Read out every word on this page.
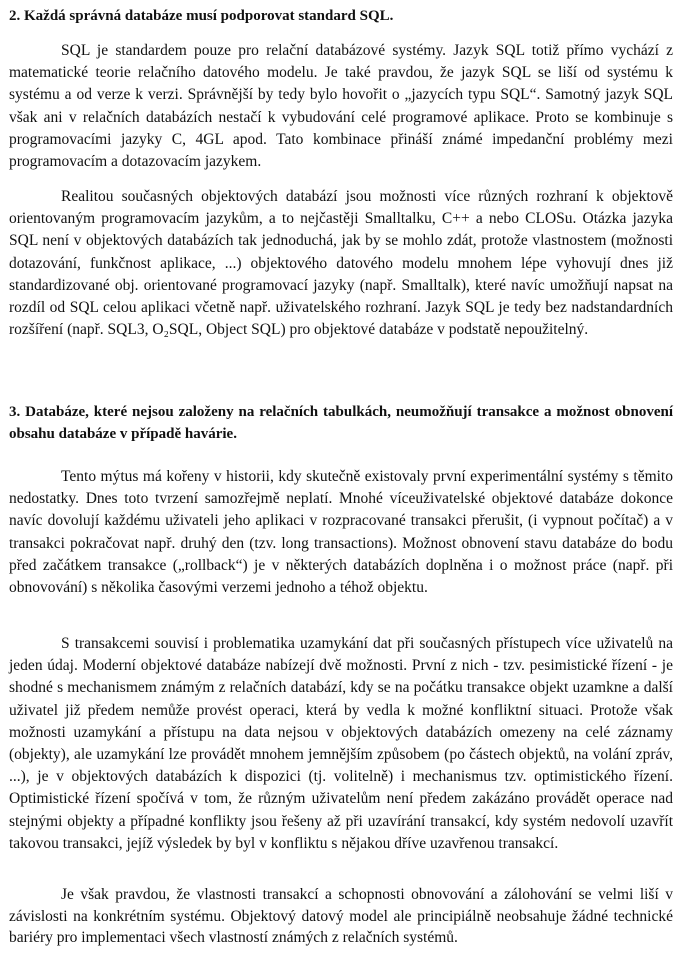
2. Každá správná databáze musí podporovat standard SQL.

SQL je standardem pouze pro relační databázové systémy. Jazyk SQL totiž přímo vychází z matematické teorie relačního datového modelu. Je také pravdou, že jazyk SQL se liší od systému k systému a od verze k verzi. Správnější by tedy bylo hovořit o „jazycích typu SQL“. Samotný jazyk SQL však ani v relačních databázích nestačí k vybudování celé programové aplikace. Proto se kombinuje s programovacími jazyky C, 4GL apod. Tato kombinace přináší známé impedanční problémy mezi programovacím a dotazovacím jazykem.

Realitou současných objektových databází jsou možnosti více různých rozhraní k objektově orientovaným programovacím jazykům, a to nejčastěji Smalltalku, C++ a nebo CLOSu. Otázka jazyka SQL není v objektových databázích tak jednoduchá, jak by se mohlo zdát, protože vlastnostem (možnosti dotazování, funkčnost aplikace, ...) objektového datového modelu mnohem lépe vyhovují dnes již standardizované obj. orientované programovací jazyky (např. Smalltalk), které navíc umožňují napsat na rozdíl od SQL celou aplikaci včetně např. uživatelského rozhraní. Jazyk SQL je tedy bez nadstandardních rozšíření (např. SQL3, O₂SQL, Object SQL) pro objektové databáze v podstatě nepoužitelný.

3. Databáze, které nejsou založeny na relačních tabulkách, neumožňují transakce a možnost obnovení obsahu databáze v případě havárie.

Tento mýtus má kořeny v historii, kdy skutečně existovaly první experimentální systémy s těmito nedostatky. Dnes toto tvrzení samozřejmě neplatí. Mnohé víceuživatelské objektové databáze dokonce navíc dovolují každému uživateli jeho aplikaci v rozpracované transakci přerušit, (i vypnout počítač) a v transakci pokračovat např. druhý den (tzv. long transactions). Možnost obnovení stavu databáze do bodu před začátkem transakce („rollback“) je v některých databázích doplněna i o možnost práce (např. při obnovování) s několika časovými verzemi jednoho a téhož objektu.

S transakcemi souvisí i problematika uzamykání dat při současných přístupech více uživatelů na jeden údaj. Moderní objektové databáze nabízejí dvě možnosti. První z nich - tzv. pesimistické řízení - je shodné s mechanismem známým z relačních databází, kdy se na počátku transakce objekt uzamkne a další uživatel již předem nemůže provést operaci, která by vedla k možné konfliktní situaci. Protože však možnosti uzamykání a přístupu na data nejsou v objektových databázích omezeny na celé záznamy (objekty), ale uzamykání lze provádět mnohem jemnějším způsobem (po částech objektů, na volání zpráv, ...), je v objektových databázích k dispozici (tj. volitelně) i mechanismus tzv. optimistického řízení. Optimistické řízení spočívá v tom, že různým uživatelům není předem zakázáno provádět operace nad stejnými objekty a případné konflikty jsou řešeny až při uzavírání transakcí, kdy systém nedovolí uzavřít takovou transakci, jejíž výsledek by byl v konfliktu s nějakou dříve uzavřenou transakcí.

Je však pravdou, že vlastnosti transakcí a schopnosti obnovování a zálohování se velmi liší v závislosti na konkrétním systému. Objektový datový model ale principiálně neobsahuje žádné technické bariéry pro implementaci všech vlastností známých z relačních systémů.
